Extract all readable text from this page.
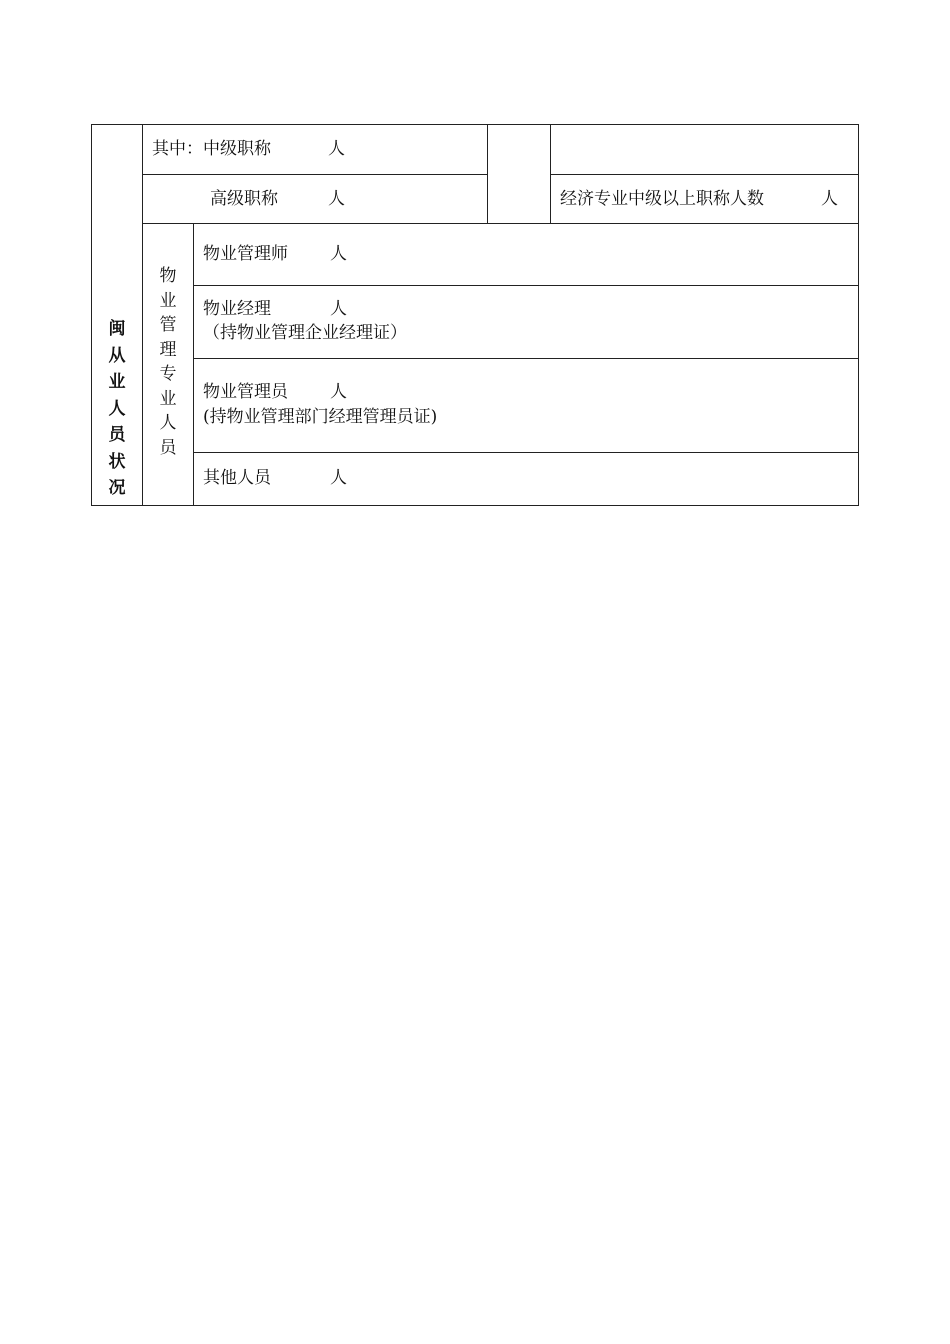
闽
从
业
人
员
状
况
物
业
管
理
专
业
人
员
其中：中级职称	人
高级职称	人	经济专业中级以上职称人数	人
物业管理师 人
物业经理	人
（持物业管理企业经理证）
物业管理员 人
(持物业管理部门经理管理员证)
其他人员	人
